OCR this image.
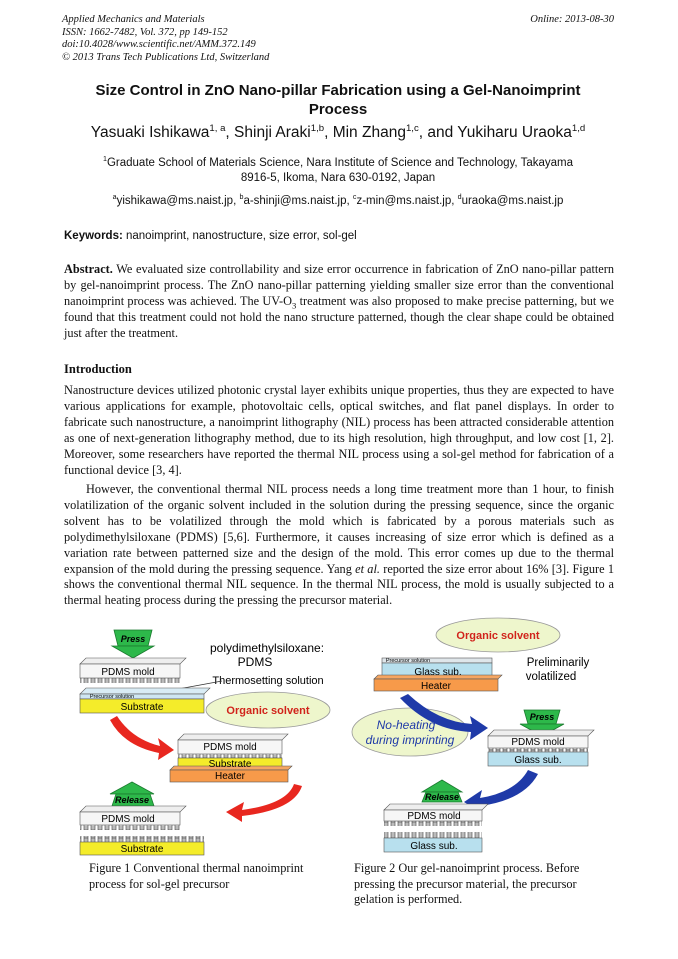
Applied Mechanics and Materials
ISSN: 1662-7482, Vol. 372, pp 149-152
doi:10.4028/www.scientific.net/AMM.372.149
© 2013 Trans Tech Publications Ltd, Switzerland
Online: 2013-08-30
Size Control in ZnO Nano-pillar Fabrication using a Gel-Nanoimprint
Process
Yasuaki Ishikawa$^{1, a}$, Shinji Araki$^{1,b}$, Min Zhang$^{1,c}$, and Yukiharu Uraoka$^{1,d}$
$^1$Graduate School of Materials Science, Nara Institute of Science and Technology, Takayama
8916-5, Ikoma, Nara 630-0192, Japan
$^a$yishikawa@ms.naist.jp, $^b$a-shinji@ms.naist.jp, $^c$z-min@ms.naist.jp, $^d$uraoka@ms.naist.jp
Keywords: nanoimprint, nanostructure, size error, sol-gel
Abstract. We evaluated size controllability and size error occurrence in fabrication of ZnO nano-pillar pattern by gel-nanoimprint process. The ZnO nano-pillar patterning yielding smaller size error than the conventional nanoimprint process was achieved. The $UV-O_3$ treatment was also proposed to make precise patterning, but we found that this treatment could not hold the nano structure patterned, though the clear shape could be obtained just after the treatment.
Introduction
Nanostructure devices utilized photonic crystal layer exhibits unique properties, thus they are expected to have various applications for example, photovoltaic cells, optical switches, and flat panel displays. In order to fabricate such nanostructure, a nanoimprint lithography (NIL) process has been attracted considerable attention as one of next-generation lithography method, due to its high resolution, high throughput, and low cost [1, 2]. Moreover, some researchers have reported the thermal NIL process using a sol-gel method for fabrication of a functional device [3, 4].
However, the conventional thermal NIL process needs a long time treatment more than 1 hour, to finish volatilization of the organic solvent included in the solution during the pressing sequence, since the organic solvent has to be volatilized through the mold which is fabricated by a porous materials such as polydimethylsiloxane (PDMS) [5,6]. Furthermore, it causes increasing of size error which is defined as a variation rate between patterned size and the design of the mold. This error comes up due to the thermal expansion of the mold during the pressing sequence. Yang et al. reported the size error about 16% [3]. Figure 1 shows the conventional thermal NIL sequence. In the thermal NIL process, the mold is usually subjected to a thermal heating process during the pressing the precursor material.
Press
PDMS mold
polydimethylsiloxane:
PDMS
Thermosetting solution
Precursor solution
Substrate	Organic solvent
PDMS mold
Substrate
Heater
Release
PDMS mold
Substrate
Organic solvent
Precursor solution
Glass sub.
Heater
Preliminarily
volatilized
No-heating
during imprinting
Press
PDMS mold
Glass sub.
Release
PDMS mold
Glass sub.
Figure 1 Conventional thermal nanoimprint
process for sol-gel precursor
Figure 2 Our gel-nanoimprint process. Before
pressing the precursor material, the precursor
gelation is performed.
